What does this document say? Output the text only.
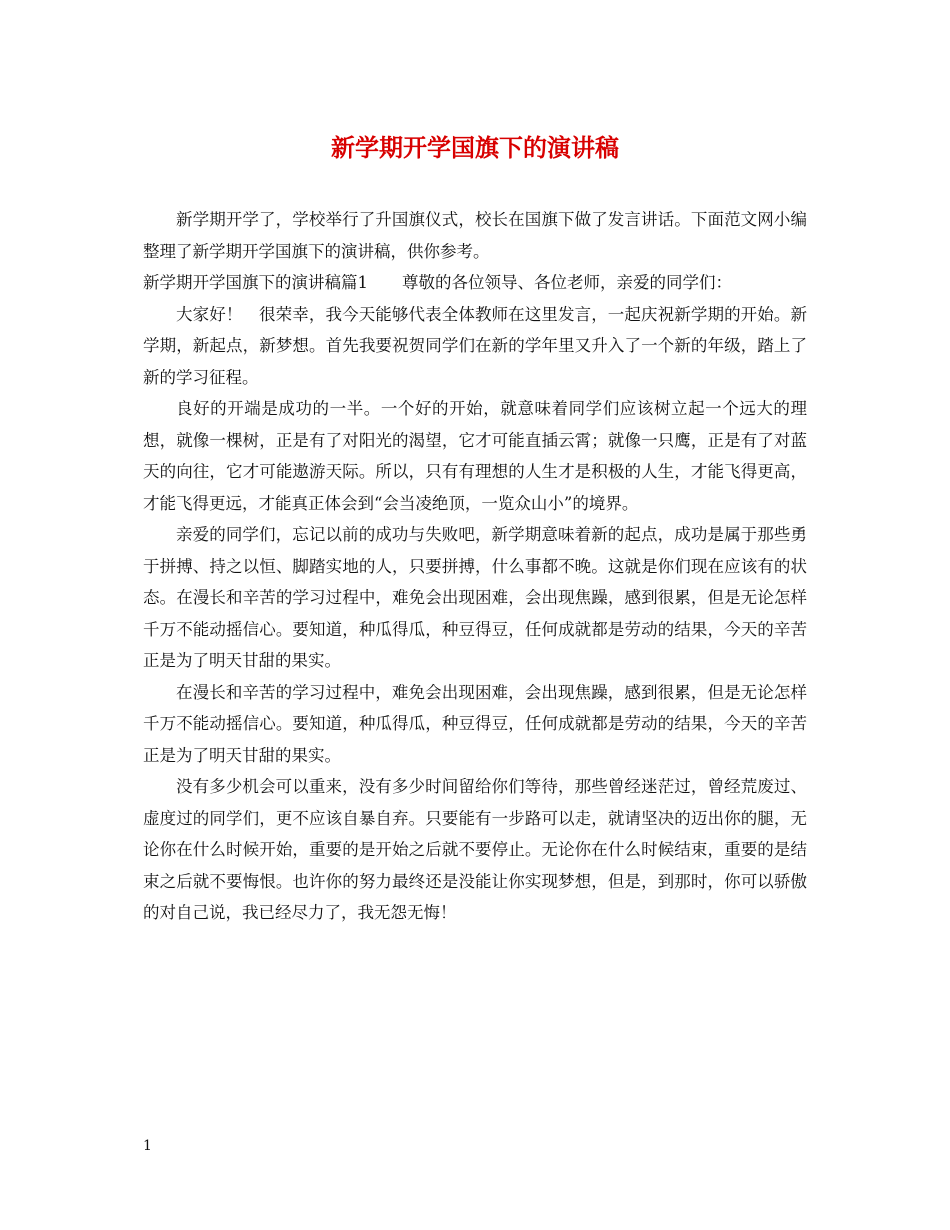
新学期开学国旗下的演讲稿

新学期开学了，学校举行了升国旗仪式，校长在国旗下做了发言讲话。下面范文网小编整理了新学期开学国旗下的演讲稿，供你参考。

新学期开学国旗下的演讲稿篇1 尊敬的各位领导、各位老师，亲爱的同学们：

大家好！　很荣幸，我今天能够代表全体教师在这里发言，一起庆祝新学期的开始。新学期，新起点，新梦想。首先我要祝贺同学们在新的学年里又升入了一个新的年级，踏上了新的学习征程。

良好的开端是成功的一半。一个好的开始，就意味着同学们应该树立起一个远大的理想，就像一棵树，正是有了对阳光的渴望，它才可能直插云霄；就像一只鹰，正是有了对蓝天的向往，它才可能遨游天际。所以，只有有理想的人生才是积极的人生，才能飞得更高，才能飞得更远，才能真正体会到“会当凌绝顶，一览众山小”的境界。

亲爱的同学们，忘记以前的成功与失败吧，新学期意味着新的起点，成功是属于那些勇于拼搏、持之以恒、脚踏实地的人，只要拼搏，什么事都不晚。这就是你们现在应该有的状态。在漫长和辛苦的学习过程中，难免会出现困难，会出现焦躁，感到很累，但是无论怎样千万不能动摇信心。要知道，种瓜得瓜，种豆得豆，任何成就都是劳动的结果，今天的辛苦正是为了明天甘甜的果实。

在漫长和辛苦的学习过程中，难免会出现困难，会出现焦躁，感到很累，但是无论怎样千万不能动摇信心。要知道，种瓜得瓜，种豆得豆，任何成就都是劳动的结果，今天的辛苦正是为了明天甘甜的果实。

没有多少机会可以重来，没有多少时间留给你们等待，那些曾经迷茫过，曾经荒废过、虚度过的同学们，更不应该自暴自弃。只要能有一步路可以走，就请坚决的迈出你的腿，无论你在什么时候开始，重要的是开始之后就不要停止。无论你在什么时候结束，重要的是结束之后就不要悔恨。也许你的努力最终还是没能让你实现梦想，但是，到那时，你可以骄傲的对自己说，我已经尽力了，我无怨无悔！

1
